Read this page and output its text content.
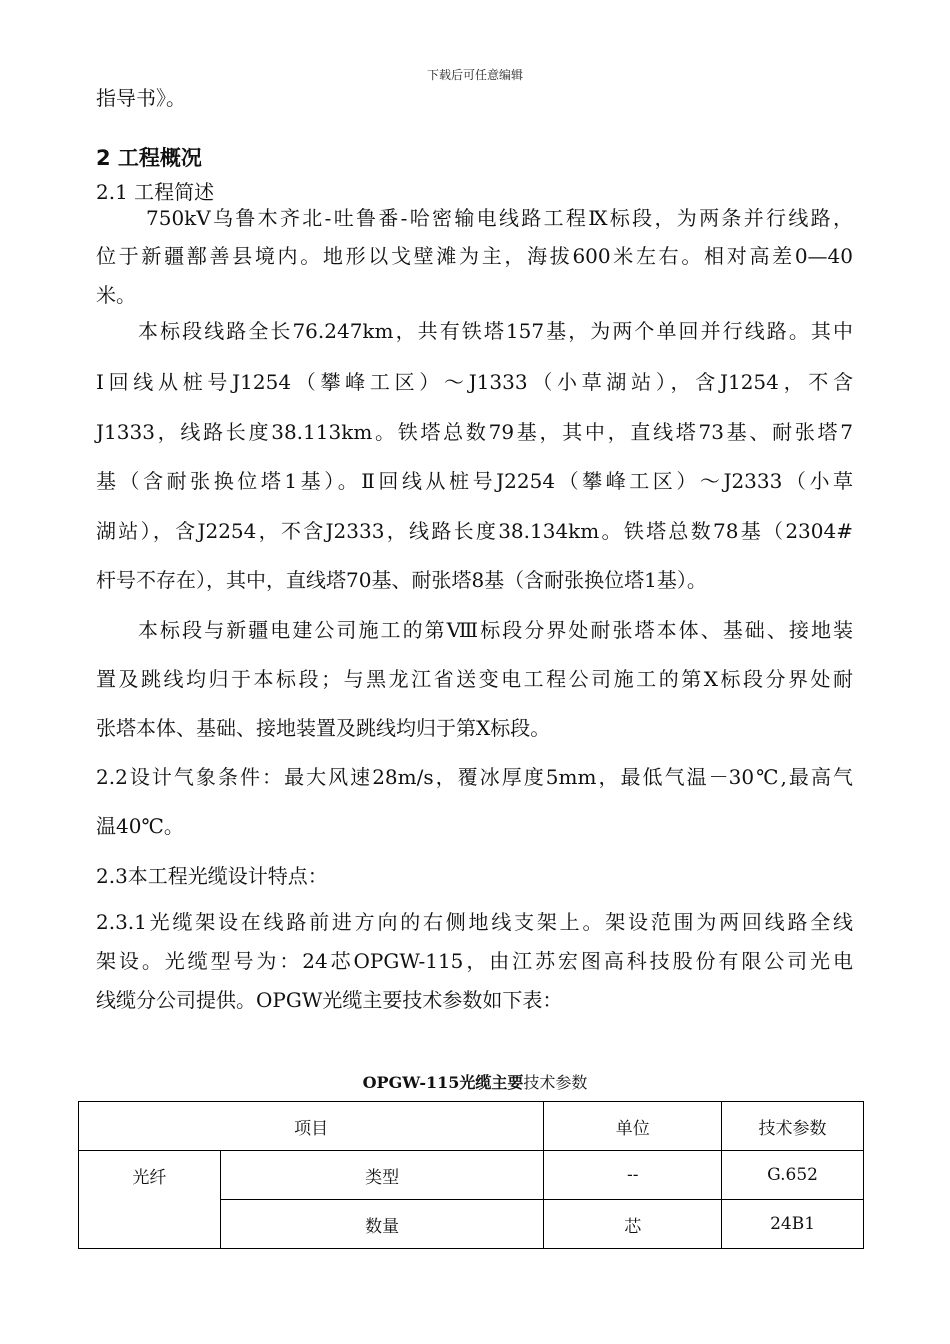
下载后可任意编辑
指导书》。
2 工程概况
2.1 工程简述
750kV乌鲁木齐北-吐鲁番-哈密输电线路工程Ⅸ标段，为两条并行线路，
位于新疆鄯善县境内。地形以戈壁滩为主，海拔600米左右。相对高差0—40
米。
本标段线路全长76.247km，共有铁塔157基，为两个单回并行线路。其中
Ⅰ回线从桩号J1254（攀峰工区）～J1333（小草湖站），含J1254，不含
J1333，线路长度38.113km。铁塔总数79基，其中，直线塔73基、耐张塔7
基（含耐张换位塔1基）。Ⅱ回线从桩号J2254（攀峰工区）～J2333（小草
湖站），含J2254，不含J2333，线路长度38.134km。铁塔总数78基（2304#
杆号不存在），其中，直线塔70基、耐张塔8基（含耐张换位塔1基）。
本标段与新疆电建公司施工的第Ⅷ标段分界处耐张塔本体、基础、接地装
置及跳线均归于本标段；与黑龙江省送变电工程公司施工的第Ⅹ标段分界处耐
张塔本体、基础、接地装置及跳线均归于第Ⅹ标段。
2.2设计气象条件：最大风速28m/s，覆冰厚度5mm，最低气温－30℃,最高气
温40℃。
2.3本工程光缆设计特点：
2.3.1光缆架设在线路前进方向的右侧地线支架上。架设范围为两回线路全线
架设。光缆型号为：24芯OPGW-115，由江苏宏图高科技股份有限公司光电
线缆分公司提供。OPGW光缆主要技术参数如下表：
OPGW-115光缆主要技术参数
项目		单位	技术参数
光纤	类型	--	G.652
	数量	芯	24B1
